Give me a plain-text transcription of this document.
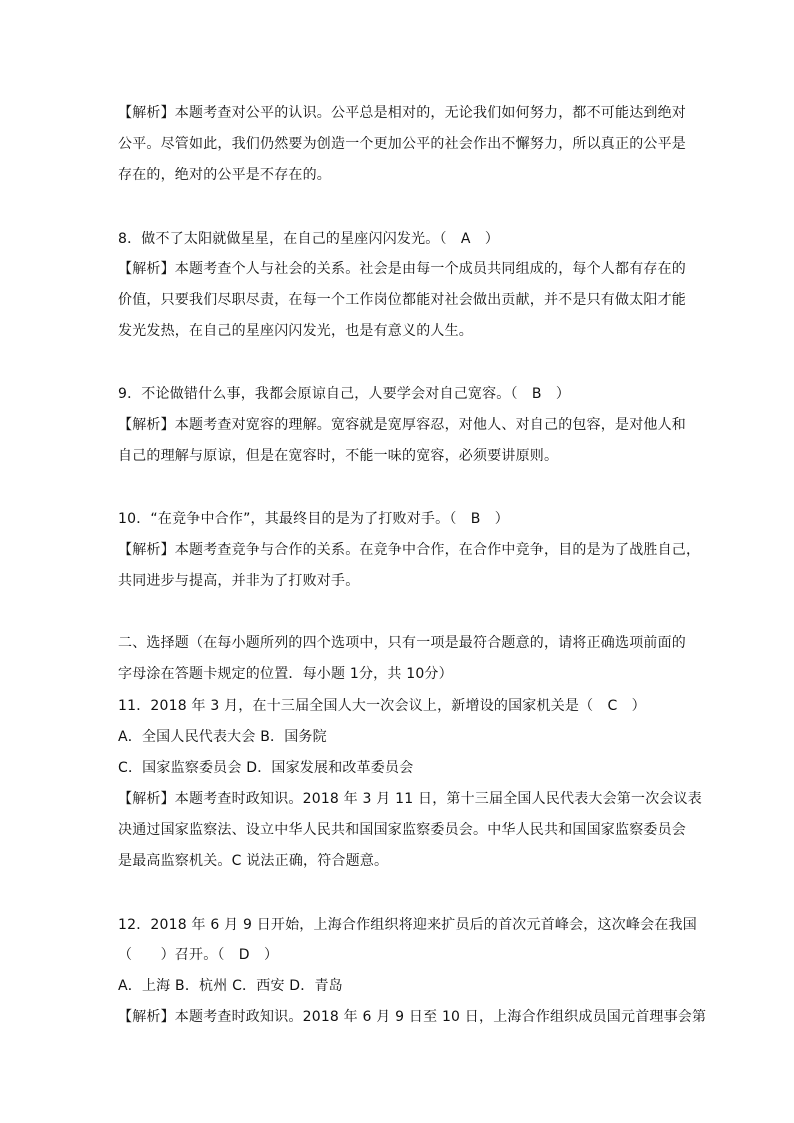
【解析】本题考查对公平的认识。公平总是相对的，无论我们如何努力，都不可能达到绝对
公平。尽管如此，我们仍然要为创造一个更加公平的社会作出不懈努力，所以真正的公平是
存在的，绝对的公平是不存在的。
8．做不了太阳就做星星，在自己的星座闪闪发光。（　A　）
【解析】本题考查个人与社会的关系。社会是由每一个成员共同组成的，每个人都有存在的
价值，只要我们尽职尽责，在每一个工作岗位都能对社会做出贡献，并不是只有做太阳才能
发光发热，在自己的星座闪闪发光，也是有意义的人生。
9．不论做错什么事，我都会原谅自己，人要学会对自己宽容。（　B　）
【解析】本题考查对宽容的理解。宽容就是宽厚容忍，对他人、对自己的包容，是对他人和
自己的理解与原谅，但是在宽容时，不能一味的宽容，必须要讲原则。
10．“在竞争中合作”，其最终目的是为了打败对手。（　B　）
【解析】本题考查竞争与合作的关系。在竞争中合作，在合作中竞争，目的是为了战胜自己，
共同进步与提高，并非为了打败对手。
二、选择题（在每小题所列的四个选项中，只有一项是最符合题意的，请将正确选项前面的
字母涂在答题卡规定的位置．每小题 1分，共 10分）
11．2018 年 3 月，在十三届全国人大一次会议上，新增设的国家机关是（　C　）
A．全国人民代表大会 B．国务院
C．国家监察委员会 D．国家发展和改革委员会
【解析】本题考查时政知识。2018 年 3 月 11 日，第十三届全国人民代表大会第一次会议表
决通过国家监察法、设立中华人民共和国国家监察委员会。中华人民共和国国家监察委员会
是最高监察机关。C 说法正确，符合题意。
12．2018 年 6 月 9 日开始，上海合作组织将迎来扩员后的首次元首峰会，这次峰会在我国
（　　）召开。（　D　）
A．上海 B．杭州 C．西安 D．青岛
【解析】本题考查时政知识。2018 年 6 月 9 日至 10 日，上海合作组织成员国元首理事会第
